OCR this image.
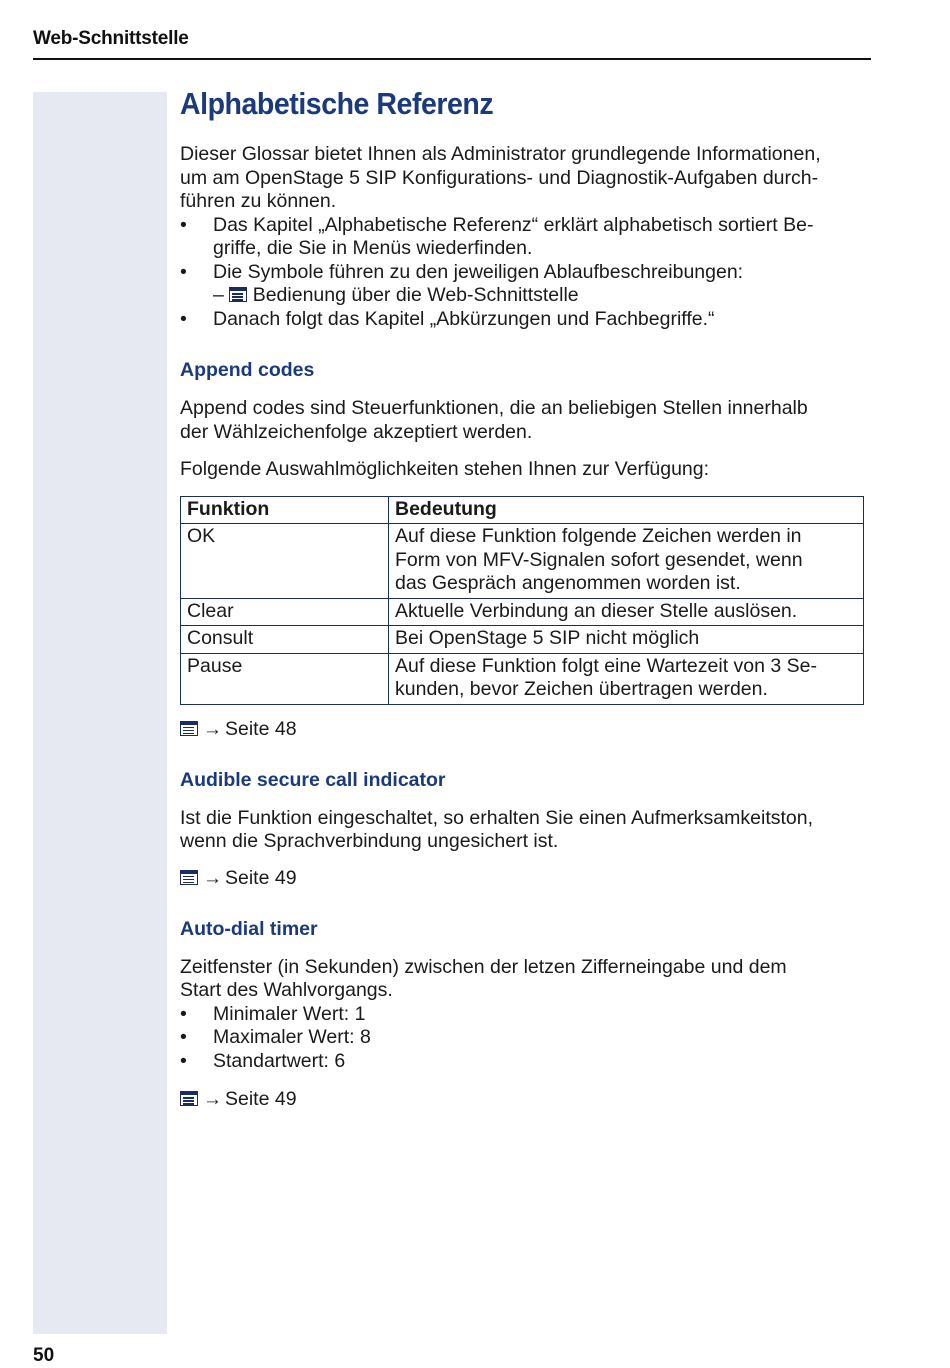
Web-Schnittstelle
Alphabetische Referenz

Dieser Glossar bietet Ihnen als Administrator grundlegende Informationen,
um am OpenStage 5 SIP Konfigurations- und Diagnostik-Aufgaben durch-
führen zu können.

• Das Kapitel „Alphabetische Referenz“ erklärt alphabetisch sortiert Be-
griffe, die Sie in Menüs wiederfinden.
• Die Symbole führen zu den jeweiligen Ablaufbeschreibungen:
– Bedienung über die Web-Schnittstelle
• Danach folgt das Kapitel „Abkürzungen und Fachbegriffe.“
Append codes

Append codes sind Steuerfunktionen, die an beliebigen Stellen innerhalb
der Wählzeichenfolge akzeptiert werden.

Folgende Auswahlmöglichkeiten stehen Ihnen zur Verfügung:

Funktion	Bedeutung
OK	Auf diese Funktion folgende Zeichen werden in
Form von MFV-Signalen sofort gesendet, wenn
das Gespräch angenommen worden ist.

Clear	Aktuelle Verbindung an dieser Stelle auslösen.

Consult	Bei OpenStage 5 SIP nicht möglich

Pause	Auf diese Funktion folgt eine Wartezeit von 3 Se-
kunden, bevor Zeichen übertragen werden.
→ Seite 48
Audible secure call indicator

Ist die Funktion eingeschaltet, so erhalten Sie einen Aufmerksamkeitston,
wenn die Sprachverbindung ungesichert ist.

→ Seite 49
Auto-dial timer

Zeitfenster (in Sekunden) zwischen der letzen Zifferneingabe und dem
Start des Wahlvorgangs.

• Minimaler Wert: 1
• Maximaler Wert: 8
• Standartwert: 6
→ Seite 49
50
